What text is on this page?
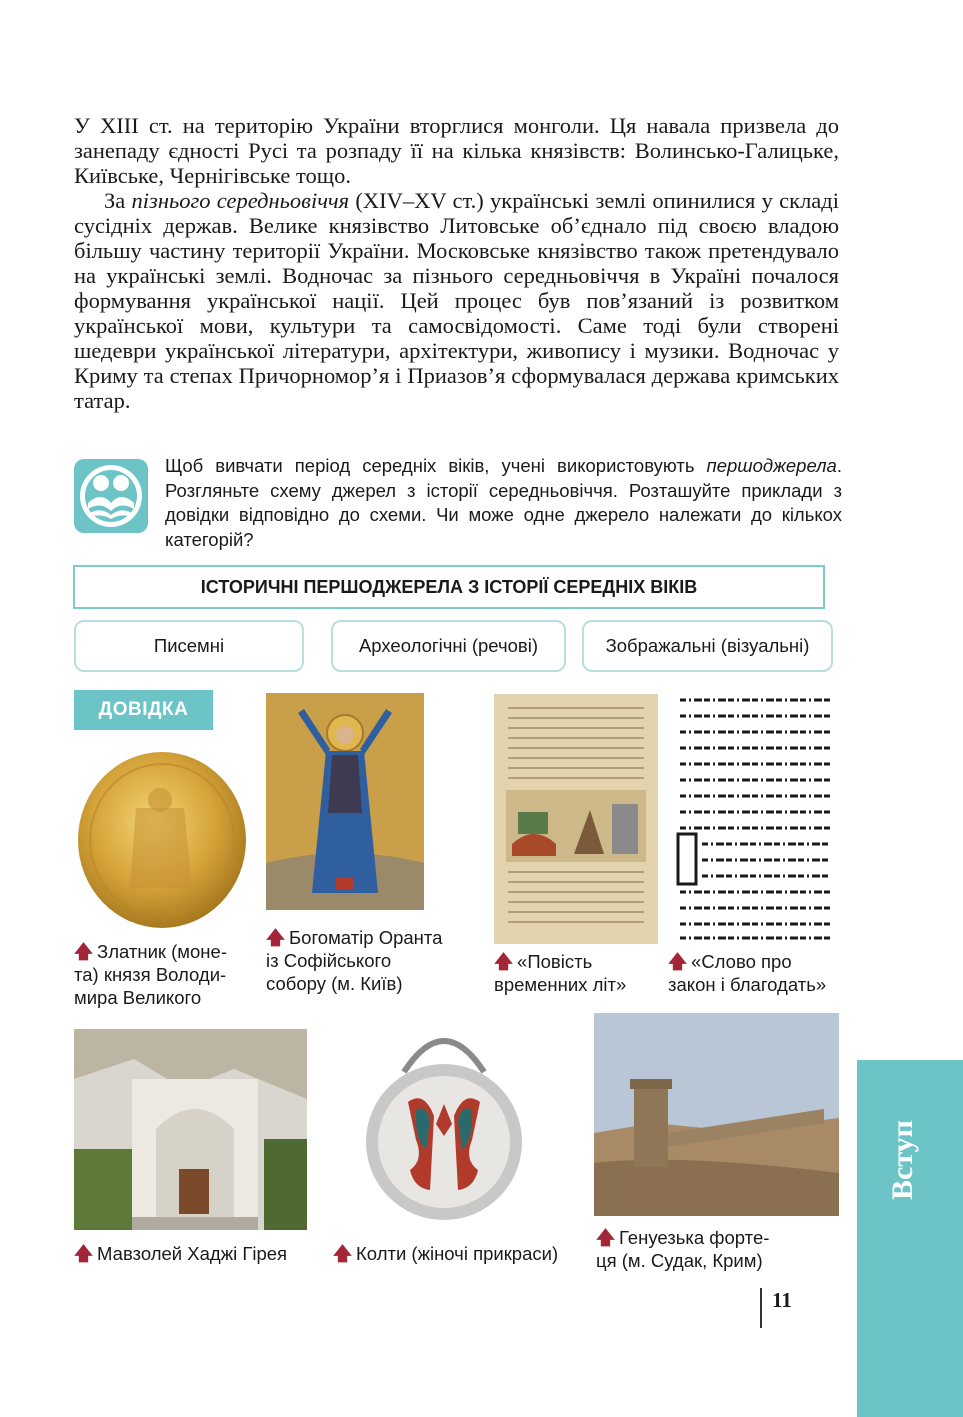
У XIII ст. на територію України вторглися монголи. Ця навала призвела до занепаду єдності Русі та розпаду її на кілька князівств: Волинсько-Галицьке, Київське, Чернігівське тощо.

За пізнього середньовіччя (XIV–XV ст.) українські землі опинилися у складі сусідніх держав. Велике князівство Литовське об’єднало під своєю владою більшу частину території України. Московське князівство також претендувало на українські землі. Водночас за пізнього середньовіччя в Україні почалося формування української нації. Цей процес був пов’язаний із розвитком української мови, культури та самосвідомості. Саме тоді були створені шедеври української літератури, архітектури, живопису і музики. Водночас у Криму та степах Причорномор’я і Приазов’я сформувалася держава кримських татар.

Щоб вивчати період середніх віків, учені використовують першоджерела. Розгляньте схему джерел з історії середньовіччя. Розташуйте приклади з довідки відповідно до схеми. Чи може одне джерело належати до кількох категорій?

ІСТОРИЧНІ ПЕРШОДЖЕРЕЛА З ІСТОРІЇ СЕРЕДНІХ ВІКІВ
Писемні	Археологічні (речові)	Зображальні (візуальні)
ДОВІДКА

🡅 Златник (моне-
та) князя Володи-
мира Великого

🡅 Богоматір Оранта
із Софійського
собору (м. Київ)

🡅 «Повість
временних літ»

🡅 «Слово про
закон і благодать»

🡅 Мавзолей Хаджі Гірея	🡅 Колти (жіночі прикраси)

🡅 Генуезька форте-
ця (м. Судак, Крим)

Вступ
11
